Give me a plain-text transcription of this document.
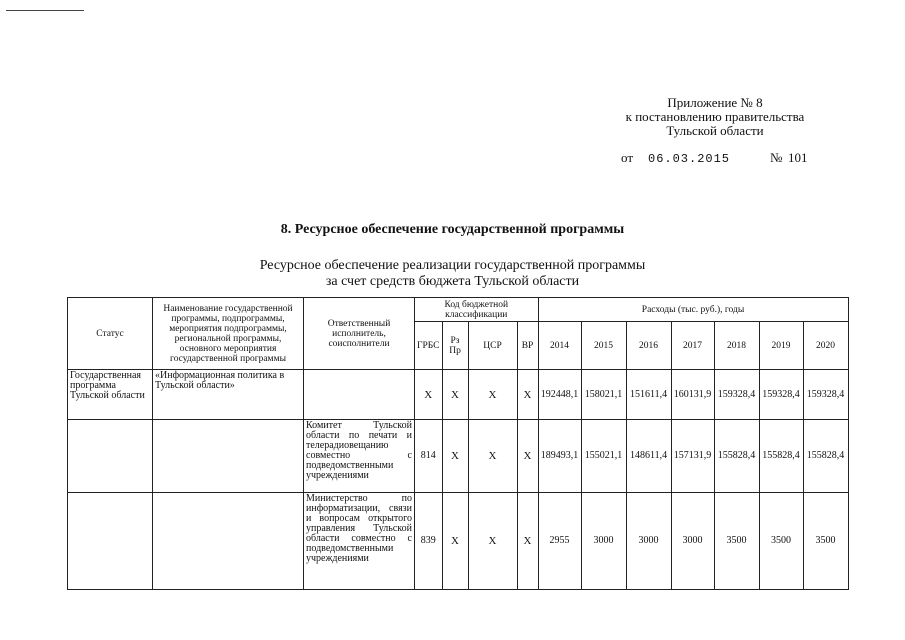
Приложение № 8
к постановлению правительства
Тульской области
от 06.03.2015	№ 101
8. Ресурсное обеспечение государственной программы
Ресурсное обеспечение реализации государственной программы
за счет средств бюджета Тульской области
Статус	Наименование государственной программы, подпрограммы, мероприятия подпрограммы, региональной программы, основного мероприятия государственной программы	Ответственный исполнитель, соисполнители	Код бюджетной классификации				Расходы (тыс. руб.), годы						
			ГРБС	Рз Пр	ЦСР	ВР	2014	2015	2016	2017	2018	2019	2020
Государственная программа Тульской области	«Информационная политика в Тульской области»		X	X	X	X	192448,1	158021,1	151611,4	160131,9	159328,4	159328,4	159328,4
		Комитет Тульской области по печати и телерадиовещанию совместно с подведомственными учреждениями	814	X	X	X	189493,1	155021,1	148611,4	157131,9	155828,4	155828,4	155828,4
		Министерство по информатизации, связи и вопросам открытого управления Тульской области совместно с подведомственными учреждениями	839	X	X	X	2955	3000	3000	3000	3500	3500	3500
